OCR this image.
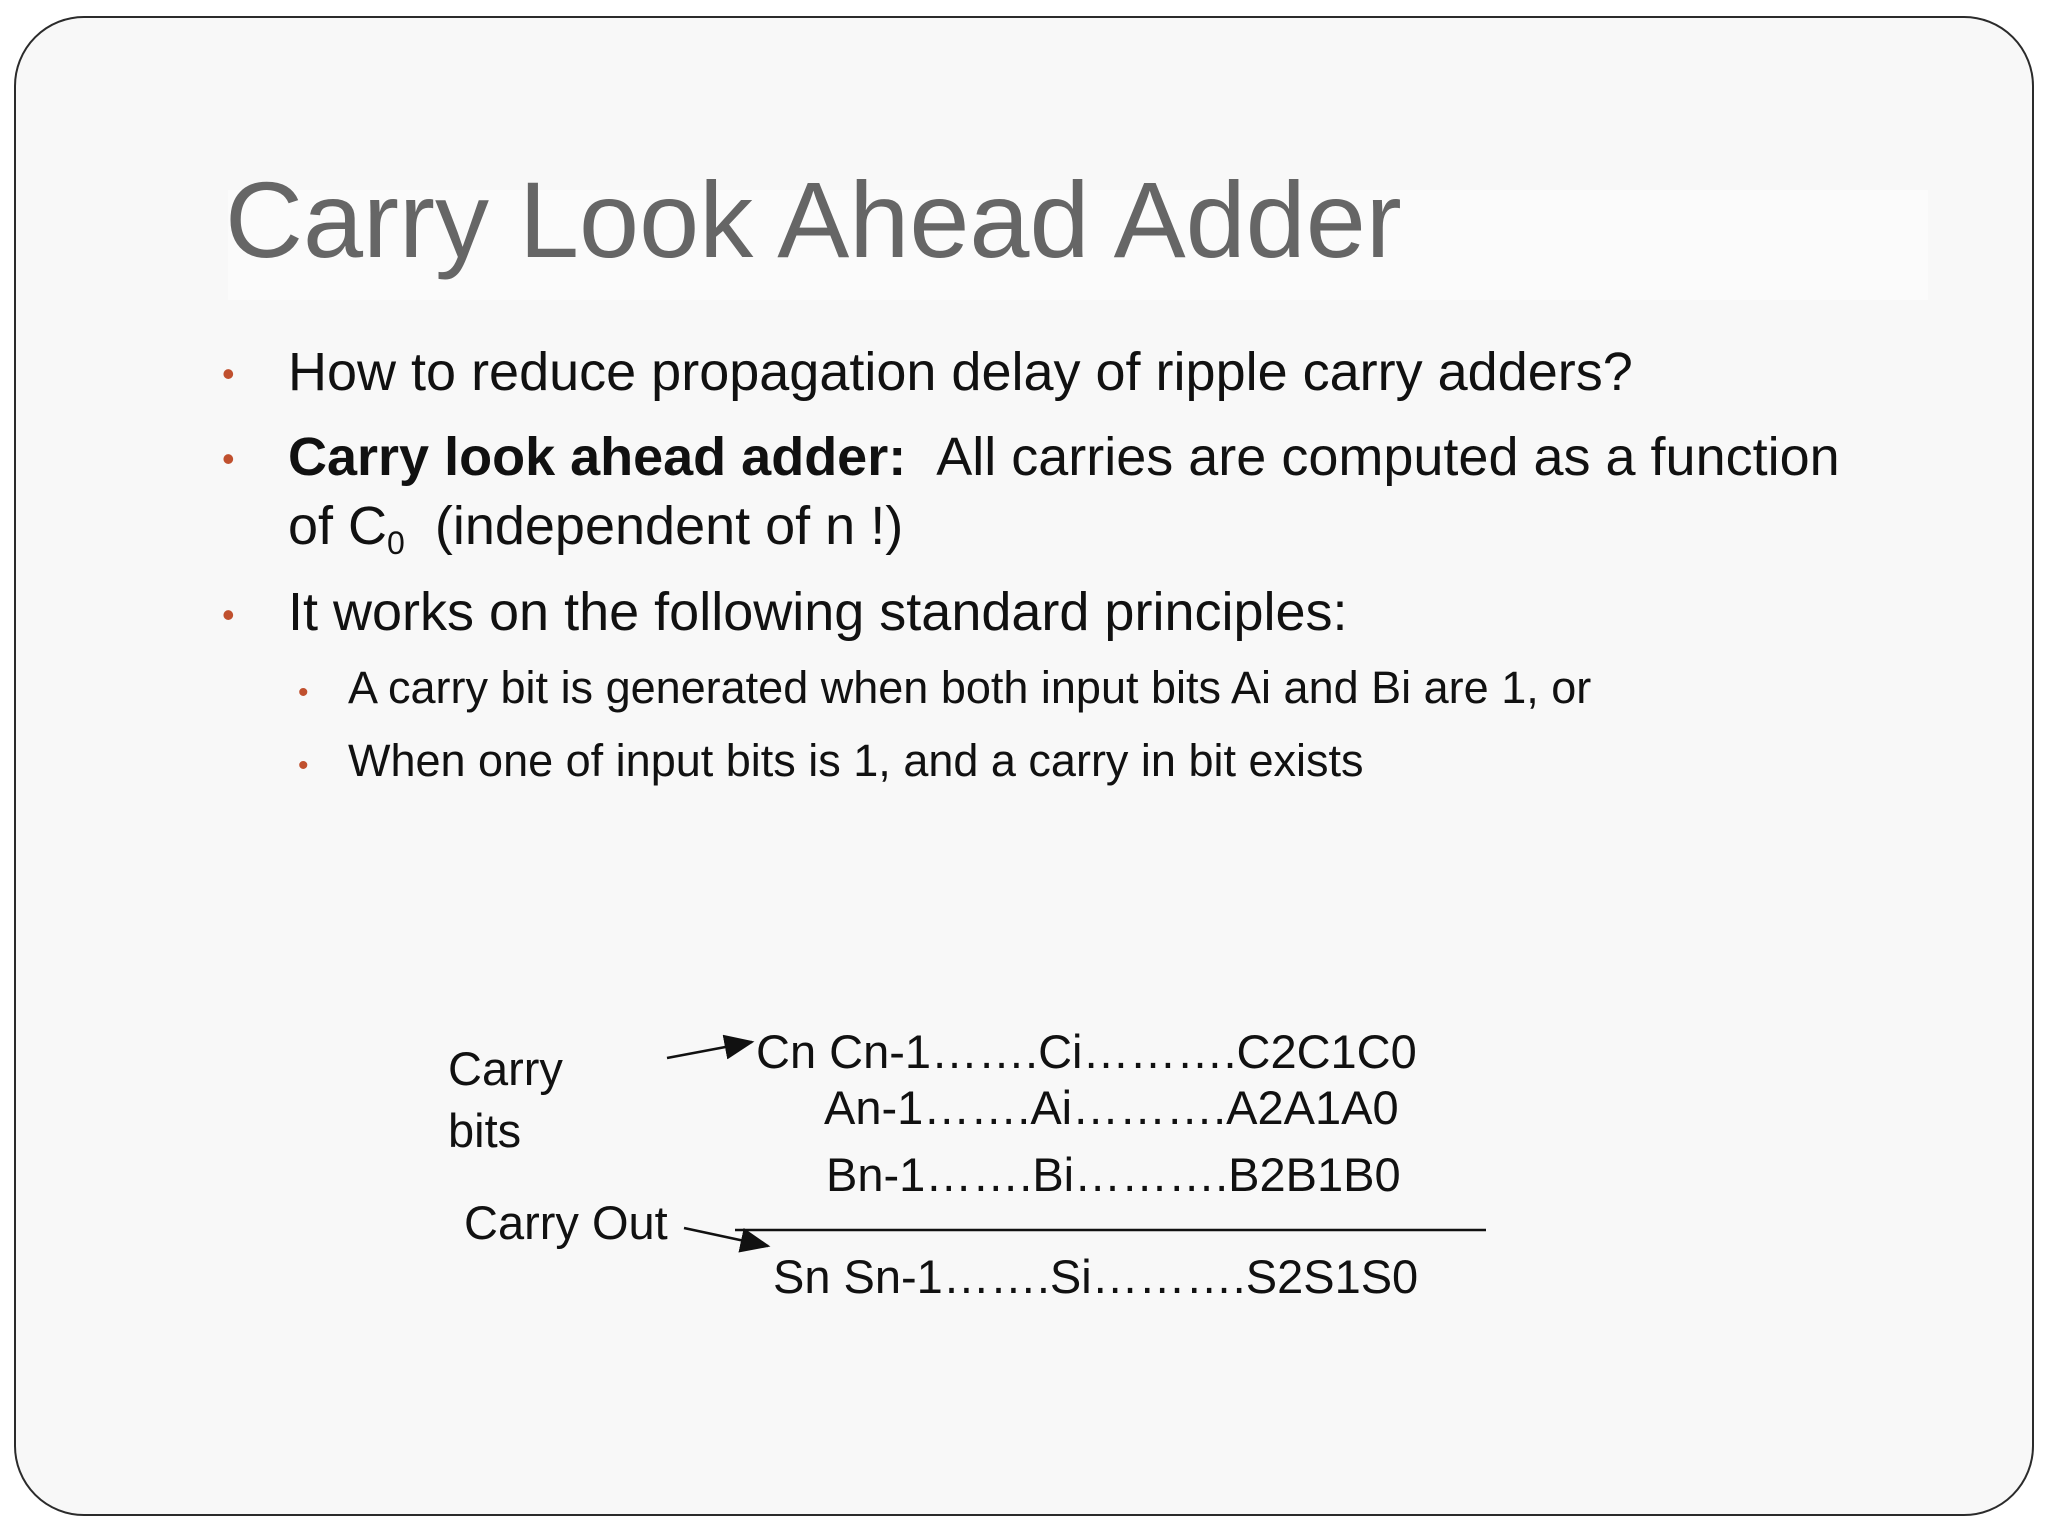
Carry Look Ahead Adder
• How to reduce propagation delay of ripple carry adders?
• Carry look ahead adder: All carries are computed as a function
of $C_0$ (independent of n !)
• It works on the following standard principles:
• A carry bit is generated when both input bits Ai and Bi are 1, or
• When one of input bits is 1, and a carry in bit exists
Carry
bits
Carry Out
Cn Cn-1…….Ci……….C2C1C0
An-1…….Ai……….A2A1A0
Bn-1…….Bi……….B2B1B0
Sn Sn-1…….Si……….S2S1S0
